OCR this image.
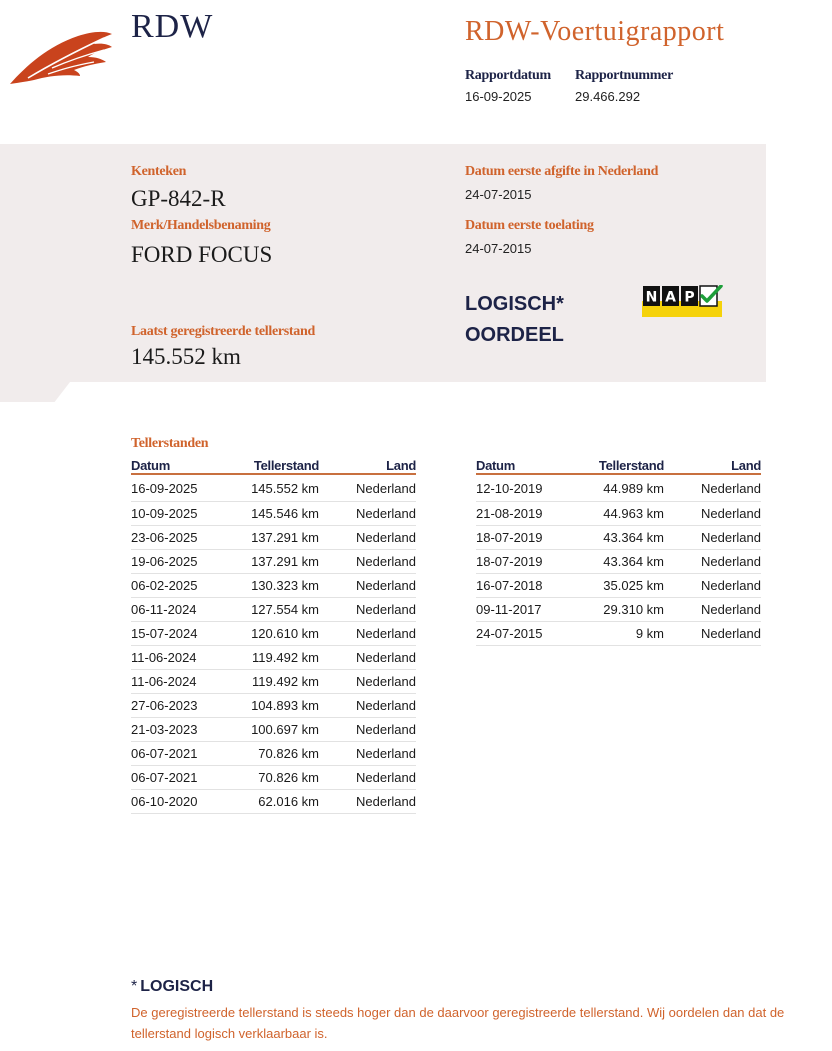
RDW	RDW-Voertuigrapport
Rapportdatum
16-09-2025
Rapportnummer
29.466.292
Kenteken
GP-842-R
Merk/Handelsbenaming
FORD FOCUS
Laatst geregistreerde tellerstand
145.552 km
Datum eerste afgifte in Nederland
24-07-2015
Datum eerste toelating
24-07-2015
LOGISCH*
OORDEEL
N A P
Tellerstanden
Datum	Tellerstand	Land
16-09-2025	145.552 km	Nederland
10-09-2025	145.546 km	Nederland
23-06-2025	137.291 km	Nederland
19-06-2025	137.291 km	Nederland
06-02-2025	130.323 km	Nederland
06-11-2024	127.554 km	Nederland
15-07-2024	120.610 km	Nederland
11-06-2024	119.492 km	Nederland
11-06-2024	119.492 km	Nederland
27-06-2023	104.893 km	Nederland
21-03-2023	100.697 km	Nederland
06-07-2021	70.826 km	Nederland
06-07-2021	70.826 km	Nederland
06-10-2020	62.016 km	Nederland
Datum	Tellerstand	Land
12-10-2019	44.989 km	Nederland
21-08-2019	44.963 km	Nederland
18-07-2019	43.364 km	Nederland
18-07-2019	43.364 km	Nederland
16-07-2018	35.025 km	Nederland
09-11-2017	29.310 km	Nederland
24-07-2015	9 km	Nederland
* LOGISCH
De geregistreerde tellerstand is steeds hoger dan de daarvoor geregistreerde tellerstand. Wij oordelen dan dat de tellerstand logisch verklaarbaar is.
